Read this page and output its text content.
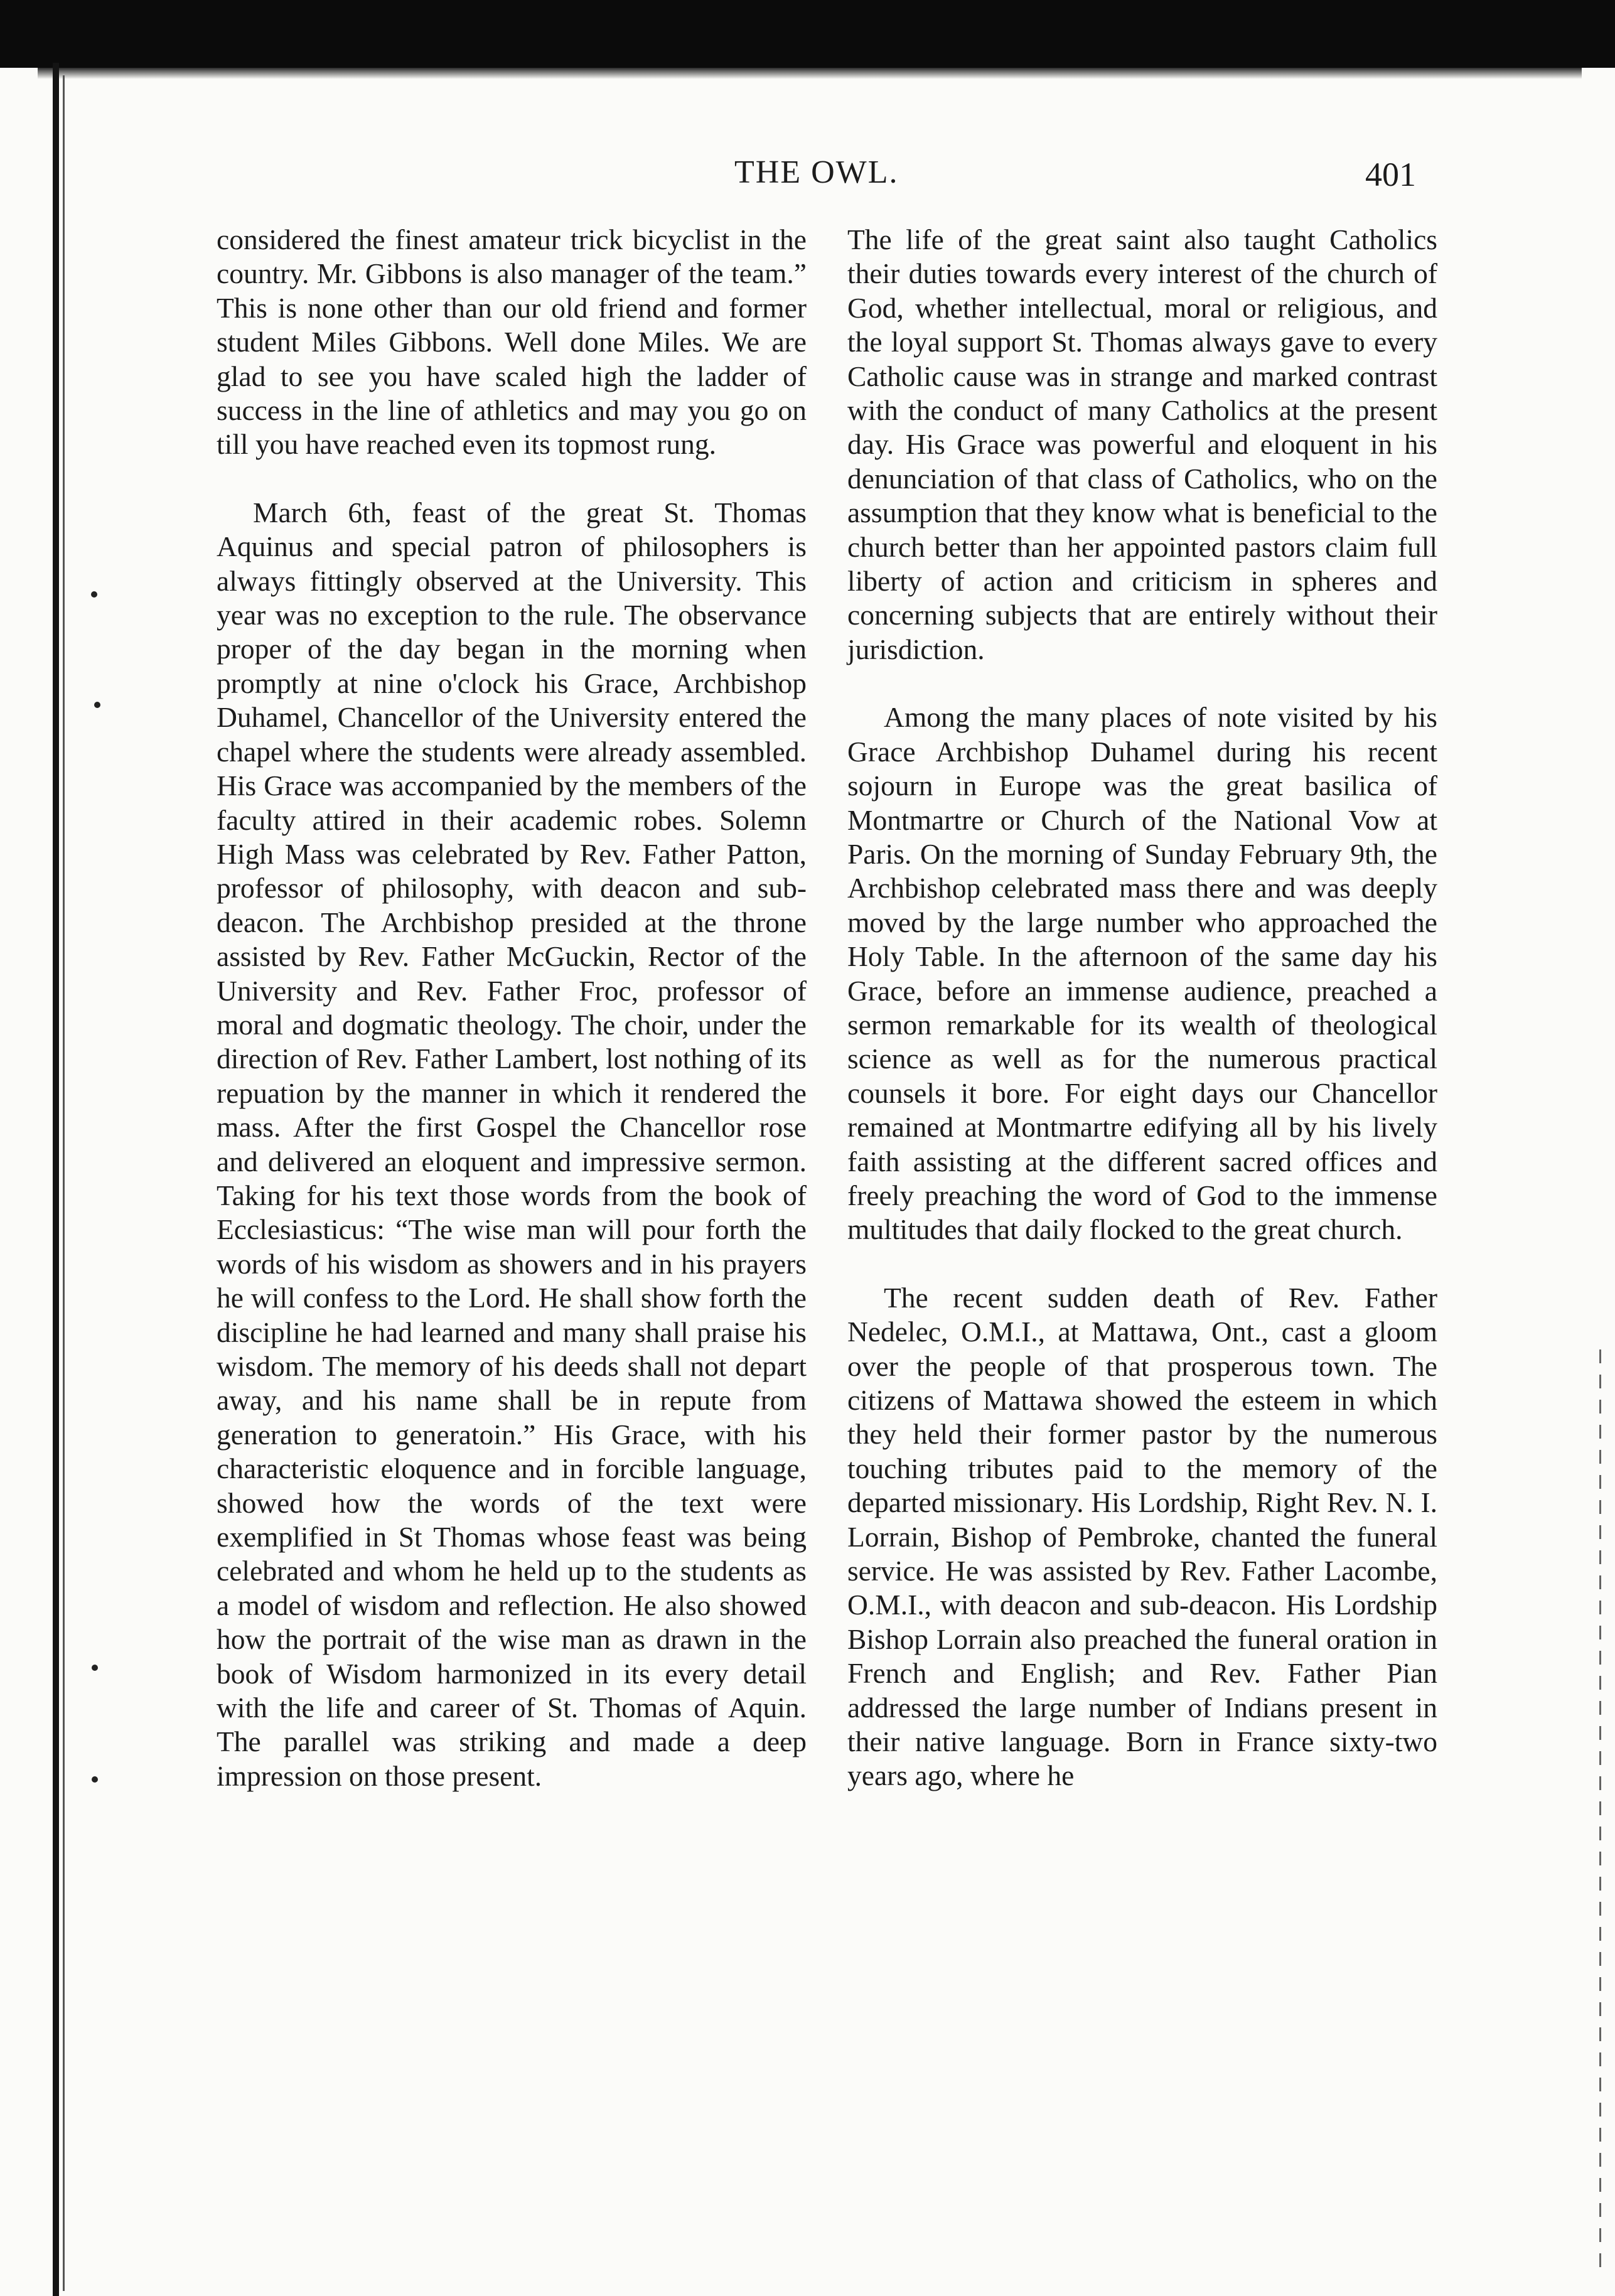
THE OWL.	401

considered the finest amateur trick bicyclist in the country. Mr. Gibbons is also manager of the team.” This is none other than our old friend and former student Miles Gibbons. Well done Miles. We are glad to see you have scaled high the ladder of success in the line of athletics and may you go on till you have reached even its topmost rung.

March 6th, feast of the great St. Thomas Aquinus and special patron of philosophers is always fittingly observed at the University. This year was no exception to the rule. The observance proper of the day began in the morning when promptly at nine o'clock his Grace, Archbishop Duhamel, Chancellor of the University entered the chapel where the students were already assembled. His Grace was accompanied by the members of the faculty attired in their academic robes. Solemn High Mass was celebrated by Rev. Father Patton, professor of philosophy, with deacon and sub-deacon. The Archbishop presided at the throne assisted by Rev. Father McGuckin, Rector of the University and Rev. Father Froc, professor of moral and dogmatic theology. The choir, under the direction of Rev. Father Lambert, lost nothing of its repuation by the manner in which it rendered the mass. After the first Gospel the Chancellor rose and delivered an eloquent and impressive sermon. Taking for his text those words from the book of Ecclesiasticus: “The wise man will pour forth the words of his wisdom as showers and in his prayers he will confess to the Lord. He shall show forth the discipline he had learned and many shall praise his wisdom. The memory of his deeds shall not depart away, and his name shall be in repute from generation to generatoin.” His Grace, with his characteristic eloquence and in forcible language, showed how the words of the text were exemplified in St Thomas whose feast was being celebrated and whom he held up to the students as a model of wisdom and reflection. He also showed how the portrait of the wise man as drawn in the book of Wisdom harmonized in its every detail with the life and career of St. Thomas of Aquin. The parallel was striking and made a deep impression on those present.

The life of the great saint also taught Catholics their duties towards every interest of the church of God, whether intellectual, moral or religious, and the loyal support St. Thomas always gave to every Catholic cause was in strange and marked contrast with the conduct of many Catholics at the present day. His Grace was powerful and eloquent in his denunciation of that class of Catholics, who on the assumption that they know what is beneficial to the church better than her appointed pastors claim full liberty of action and criticism in spheres and concerning subjects that are entirely without their jurisdiction.

Among the many places of note visited by his Grace Archbishop Duhamel during his recent sojourn in Europe was the great basilica of Montmartre or Church of the National Vow at Paris. On the morning of Sunday February 9th, the Archbishop celebrated mass there and was deeply moved by the large number who approached the Holy Table. In the afternoon of the same day his Grace, before an immense audience, preached a sermon remarkable for its wealth of theological science as well as for the numerous practical counsels it bore. For eight days our Chancellor remained at Montmartre edifying all by his lively faith assisting at the different sacred offices and freely preaching the word of God to the immense multitudes that daily flocked to the great church.

The recent sudden death of Rev. Father Nedelec, O.M.I., at Mattawa, Ont., cast a gloom over the people of that prosperous town. The citizens of Mattawa showed the esteem in which they held their former pastor by the numerous touching tributes paid to the memory of the departed missionary. His Lordship, Right Rev. N. I. Lorrain, Bishop of Pembroke, chanted the funeral service. He was assisted by Rev. Father Lacombe, O.M.I., with deacon and sub-deacon. His Lordship Bishop Lorrain also preached the funeral oration in French and English; and Rev. Father Pian addressed the large number of Indians present in their native language. Born in France sixty-two years ago, where he
